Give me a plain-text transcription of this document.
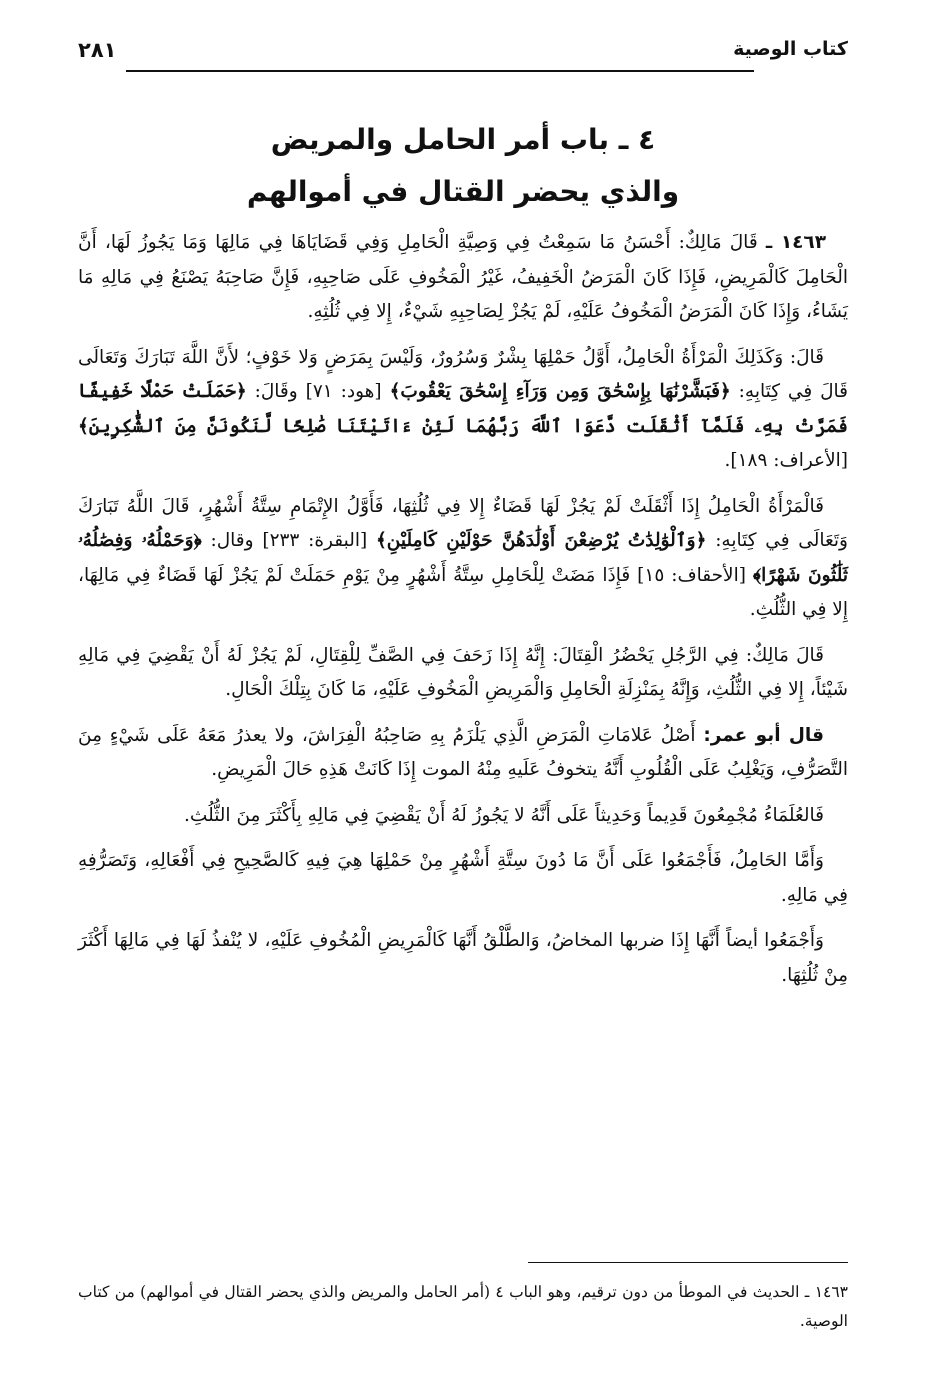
كتاب الوصية
٢٨١
٤ ـ باب أمر الحامل والمريض
والذي يحضر القتال في أموالهم

١٤٦٣ ـ قَالَ مَالِكٌ: أَحْسَنُ مَا سَمِعْتُ فِي وَصِيَّةِ الْحَامِلِ وَفِي قَضَايَاهَا فِي مَالِهَا وَمَا يَجُوزُ لَهَا، أَنَّ الْحَامِلَ كَالْمَرِيضِ، فَإِذَا كَانَ الْمَرَضُ الْخَفِيفُ، غَيْرُ الْمَخُوفِ عَلَى صَاحِبِهِ، فَإِنَّ صَاحِبَهُ يَصْنَعُ فِي مَالِهِ مَا يَشَاءُ، وَإِذَا كَانَ الْمَرَضُ الْمَخُوفُ عَلَيْهِ، لَمْ يَجُزْ لِصَاحِبِهِ شَيْءٌ، إِلا فِي ثُلُثِهِ.

قَالَ: وَكَذَلِكَ الْمَرْأَةُ الْحَامِلُ، أَوَّلُ حَمْلِهَا بِشْرٌ وَسُرُورٌ، وَلَيْسَ بِمَرَضٍ وَلا خَوْفٍ؛ لأَنَّ اللَّهَ تَبَارَكَ وَتَعَالَى قَالَ فِي كِتَابِهِ: ﴿فَبَشَّرْنَٰهَا بِإِسْحَٰقَ وَمِن وَرَآءِ إِسْحَٰقَ يَعْقُوبَ﴾ [هود: ٧١] وقَالَ: ﴿حَمَلَتْ حَمْلًا خَفِيفًا فَمَرَّتْ بِهِۦ فَلَمَّآ أَثْقَلَت دَّعَوَا ٱللَّهَ رَبَّهُمَا لَئِنْ ءَاتَيْتَنَا صَٰلِحًا لَّنَكُونَنَّ مِنَ ٱلشَّٰكِرِينَ﴾ [الأعراف: ١٨٩].

فَالْمَرْأَةُ الْحَامِلُ إِذَا أَثْقَلَتْ لَمْ يَجُزْ لَهَا قَضَاءٌ إِلا فِي ثُلُثِهَا، فَأَوَّلُ الإِتْمَامِ سِتَّةُ أَشْهُرٍ، قَالَ اللَّهُ تَبَارَكَ وَتَعَالَى فِي كِتَابِهِ: ﴿وَٱلْوَٰلِدَٰتُ يُرْضِعْنَ أَوْلَٰدَهُنَّ حَوْلَيْنِ كَامِلَيْنِ﴾ [البقرة: ٢٣٣] وقال: ﴿وَحَمْلُهُۥ وَفِصَٰلُهُۥ ثَلَٰثُونَ شَهْرًا﴾ [الأحقاف: ١٥] فَإِذَا مَضَتْ لِلْحَامِلِ سِتَّةُ أَشْهُرٍ مِنْ يَوْمِ حَمَلَتْ لَمْ يَجُزْ لَهَا قَضَاءٌ فِي مَالِهَا، إِلا فِي الثُّلُثِ.

قَالَ مَالِكٌ: فِي الرَّجُلِ يَحْضُرُ الْقِتَالَ: إِنَّهُ إِذَا زَحَفَ فِي الصَّفِّ لِلْقِتَالِ، لَمْ يَجُزْ لَهُ أَنْ يَقْضِيَ فِي مَالِهِ شَيْئاً، إِلا فِي الثُّلُثِ، وَإِنَّهُ بِمَنْزِلَةِ الْحَامِلِ وَالْمَرِيضِ الْمَخُوفِ عَلَيْهِ، مَا كَانَ بِتِلْكَ الْحَالِ.

قال أبو عمر: أَصْلُ عَلامَاتِ الْمَرَضِ الَّذِي يَلْزَمُ بِهِ صَاحِبُهُ الْفِرَاشَ، ولا يعذرُ مَعَهُ عَلَى شَيْءٍ مِنَ التَّصَرُّفِ، وَيَغْلِبُ عَلَى الْقُلُوبِ أَنَّهُ يتخوفُ عَلَيهِ مِنْهُ الموت إِذَا كَانَتْ هَذِهِ حَالَ الْمَرِيضِ.

فَالعُلَمَاءُ مُجْمِعُونَ قَدِيماً وَحَدِيثاً عَلَى أَنَّهُ لا يَجُوزُ لَهُ أَنْ يَقْضِيَ فِي مَالِهِ بِأَكْثَرَ مِنَ الثُّلُثِ.

وَأَمَّا الحَامِلُ، فَأَجْمَعُوا عَلَى أَنَّ مَا دُونَ سِتَّةِ أَشْهُرٍ مِنْ حَمْلِهَا هِيَ فِيهِ كَالصَّحِيحِ فِي أَفْعَالِهِ، وَتَصَرُّفِهِ فِي مَالِهِ.

وَأَجْمَعُوا أيضاً أَنَّهَا إِذَا ضربها المخاضُ، وَالطَّلْقُ أَنَّهَا كَالْمَرِيضِ الْمُخُوفِ عَلَيْهِ، لا يُنْفذُ لَهَا فِي مَالِهَا أَكْثَرَ مِنْ ثُلُثِهَا.

١٤٦٣ ـ الحديث في الموطأ من دون ترقيم، وهو الباب ٤ (أمر الحامل والمريض والذي يحضر القتال في أموالهم) من كتاب الوصية.
